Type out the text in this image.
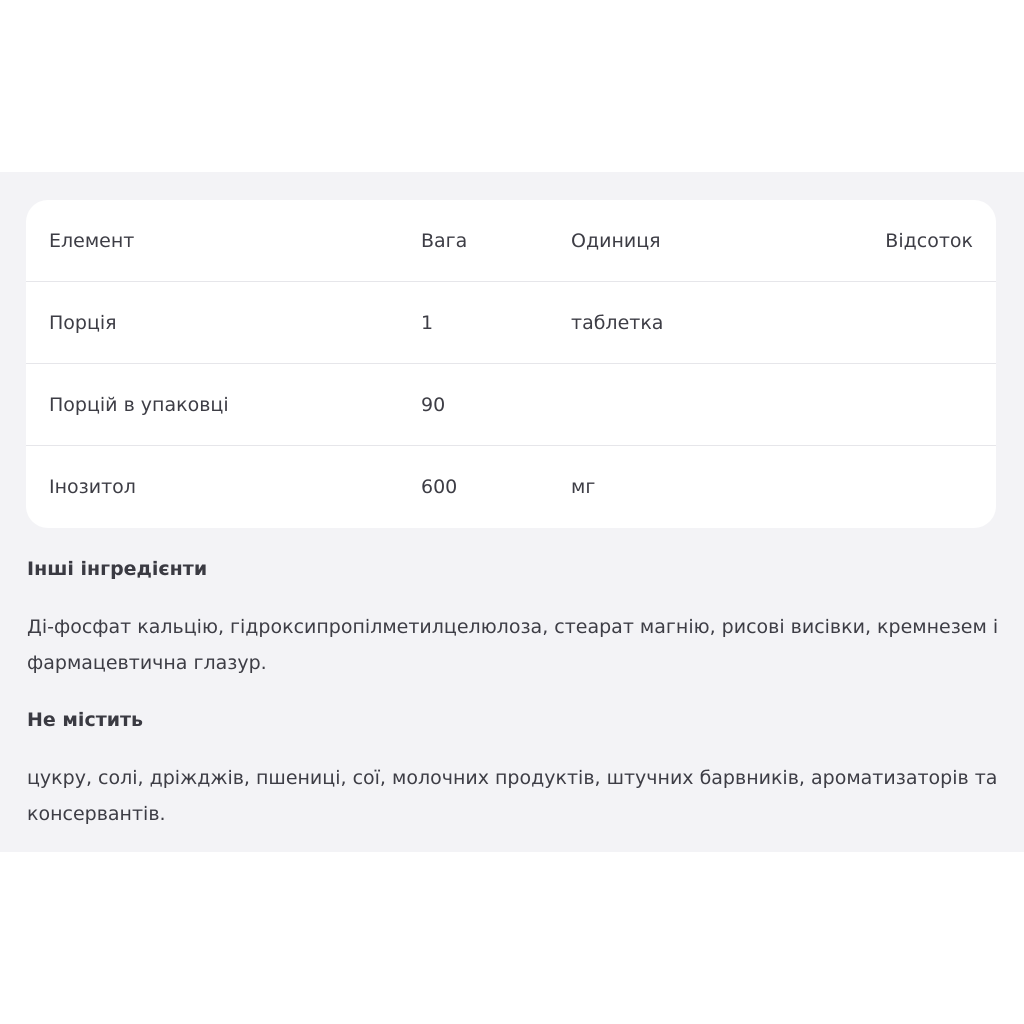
Елемент	Вага	Одиниця	Відсоток
Порція	1	таблетка
Порцій в упаковці	90
Інозитол	600	мг
Інші інгредієнти
Ді-фосфат кальцію, гідроксипропілметилцелюлоза, стеарат магнію, рисові висівки, кремнезем і фармацевтична глазур.
Не містить
цукру, солі, дріжджів, пшениці, сої, молочних продуктів, штучних барвників, ароматизаторів та консервантів.
